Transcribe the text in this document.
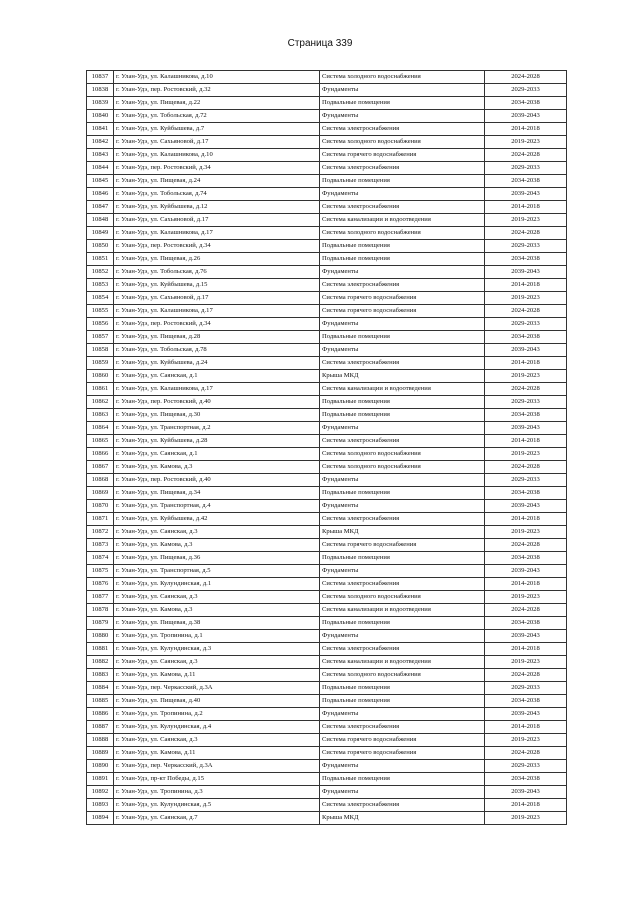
Страница 339
10837	г. Улан-Удэ, ул. Калашникова, д.10	Система холодного водоснабжения	2024-2028
10838	г. Улан-Удэ, пер. Ростовский, д.32	Фундаменты	2029-2033
10839	г. Улан-Удэ, ул. Пищевая, д.22	Подвальные помещения	2034-2038
10840	г. Улан-Удэ, ул. Тобольская, д.72	Фундаменты	2039-2043
10841	г. Улан-Удэ, ул. Куйбышева, д.7	Система электроснабжения	2014-2018
10842	г. Улан-Удэ, ул. Сахьяновой, д.17	Система холодного водоснабжения	2019-2023
10843	г. Улан-Удэ, ул. Калашникова, д.10	Система горячего водоснабжения	2024-2028
10844	г. Улан-Удэ, пер. Ростовский, д.34	Система электроснабжения	2029-2033
10845	г. Улан-Удэ, ул. Пищевая, д.24	Подвальные помещения	2034-2038
10846	г. Улан-Удэ, ул. Тобольская, д.74	Фундаменты	2039-2043
10847	г. Улан-Удэ, ул. Куйбышева, д.12	Система электроснабжения	2014-2018
10848	г. Улан-Удэ, ул. Сахьяновой, д.17	Система канализации и водоотведения	2019-2023
10849	г. Улан-Удэ, ул. Калашникова, д.17	Система холодного водоснабжения	2024-2028
10850	г. Улан-Удэ, пер. Ростовский, д.34	Подвальные помещения	2029-2033
10851	г. Улан-Удэ, ул. Пищевая, д.26	Подвальные помещения	2034-2038
10852	г. Улан-Удэ, ул. Тобольская, д.76	Фундаменты	2039-2043
10853	г. Улан-Удэ, ул. Куйбышева, д.15	Система электроснабжения	2014-2018
10854	г. Улан-Удэ, ул. Сахьяновой, д.17	Система горячего водоснабжения	2019-2023
10855	г. Улан-Удэ, ул. Калашникова, д.17	Система горячего водоснабжения	2024-2028
10856	г. Улан-Удэ, пер. Ростовский, д.34	Фундаменты	2029-2033
10857	г. Улан-Удэ, ул. Пищевая, д.28	Подвальные помещения	2034-2038
10858	г. Улан-Удэ, ул. Тобольская, д.78	Фундаменты	2039-2043
10859	г. Улан-Удэ, ул. Куйбышева, д.24	Система электроснабжения	2014-2018
10860	г. Улан-Удэ, ул. Саянская, д.1	Крыша МКД	2019-2023
10861	г. Улан-Удэ, ул. Калашникова, д.17	Система канализации и водоотведения	2024-2028
10862	г. Улан-Удэ, пер. Ростовский, д.40	Подвальные помещения	2029-2033
10863	г. Улан-Удэ, ул. Пищевая, д.30	Подвальные помещения	2034-2038
10864	г. Улан-Удэ, ул. Транспортная, д.2	Фундаменты	2039-2043
10865	г. Улан-Удэ, ул. Куйбышева, д.28	Система электроснабжения	2014-2018
10866	г. Улан-Удэ, ул. Саянская, д.1	Система холодного водоснабжения	2019-2023
10867	г. Улан-Удэ, ул. Камова, д.3	Система холодного водоснабжения	2024-2028
10868	г. Улан-Удэ, пер. Ростовский, д.40	Фундаменты	2029-2033
10869	г. Улан-Удэ, ул. Пищевая, д.34	Подвальные помещения	2034-2038
10870	г. Улан-Удэ, ул. Транспортная, д.4	Фундаменты	2039-2043
10871	г. Улан-Удэ, ул. Куйбышева, д.42	Система электроснабжения	2014-2018
10872	г. Улан-Удэ, ул. Саянская, д.3	Крыша МКД	2019-2023
10873	г. Улан-Удэ, ул. Камова, д.3	Система горячего водоснабжения	2024-2028
10874	г. Улан-Удэ, ул. Пищевая, д.36	Подвальные помещения	2034-2038
10875	г. Улан-Удэ, ул. Транспортная, д.5	Фундаменты	2039-2043
10876	г. Улан-Удэ, ул. Кулундинская, д.1	Система электроснабжения	2014-2018
10877	г. Улан-Удэ, ул. Саянская, д.3	Система холодного водоснабжения	2019-2023
10878	г. Улан-Удэ, ул. Камова, д.3	Система канализации и водоотведения	2024-2028
10879	г. Улан-Удэ, ул. Пищевая, д.38	Подвальные помещения	2034-2038
10880	г. Улан-Удэ, ул. Тропинина, д.1	Фундаменты	2039-2043
10881	г. Улан-Удэ, ул. Кулундинская, д.3	Система электроснабжения	2014-2018
10882	г. Улан-Удэ, ул. Саянская, д.3	Система канализации и водоотведения	2019-2023
10883	г. Улан-Удэ, ул. Камова, д.11	Система холодного водоснабжения	2024-2028
10884	г. Улан-Удэ, пер. Черкасский, д.3А	Подвальные помещения	2029-2033
10885	г. Улан-Удэ, ул. Пищевая, д.40	Подвальные помещения	2034-2038
10886	г. Улан-Удэ, ул. Тропинина, д.2	Фундаменты	2039-2043
10887	г. Улан-Удэ, ул. Кулундинская, д.4	Система электроснабжения	2014-2018
10888	г. Улан-Удэ, ул. Саянская, д.3	Система горячего водоснабжения	2019-2023
10889	г. Улан-Удэ, ул. Камова, д.11	Система горячего водоснабжения	2024-2028
10890	г. Улан-Удэ, пер. Черкасский, д.3А	Фундаменты	2029-2033
10891	г. Улан-Удэ, пр-кт Победы, д.15	Подвальные помещения	2034-2038
10892	г. Улан-Удэ, ул. Тропинина, д.3	Фундаменты	2039-2043
10893	г. Улан-Удэ, ул. Кулундинская, д.5	Система электроснабжения	2014-2018
10894	г. Улан-Удэ, ул. Саянская, д.7	Крыша МКД	2019-2023
